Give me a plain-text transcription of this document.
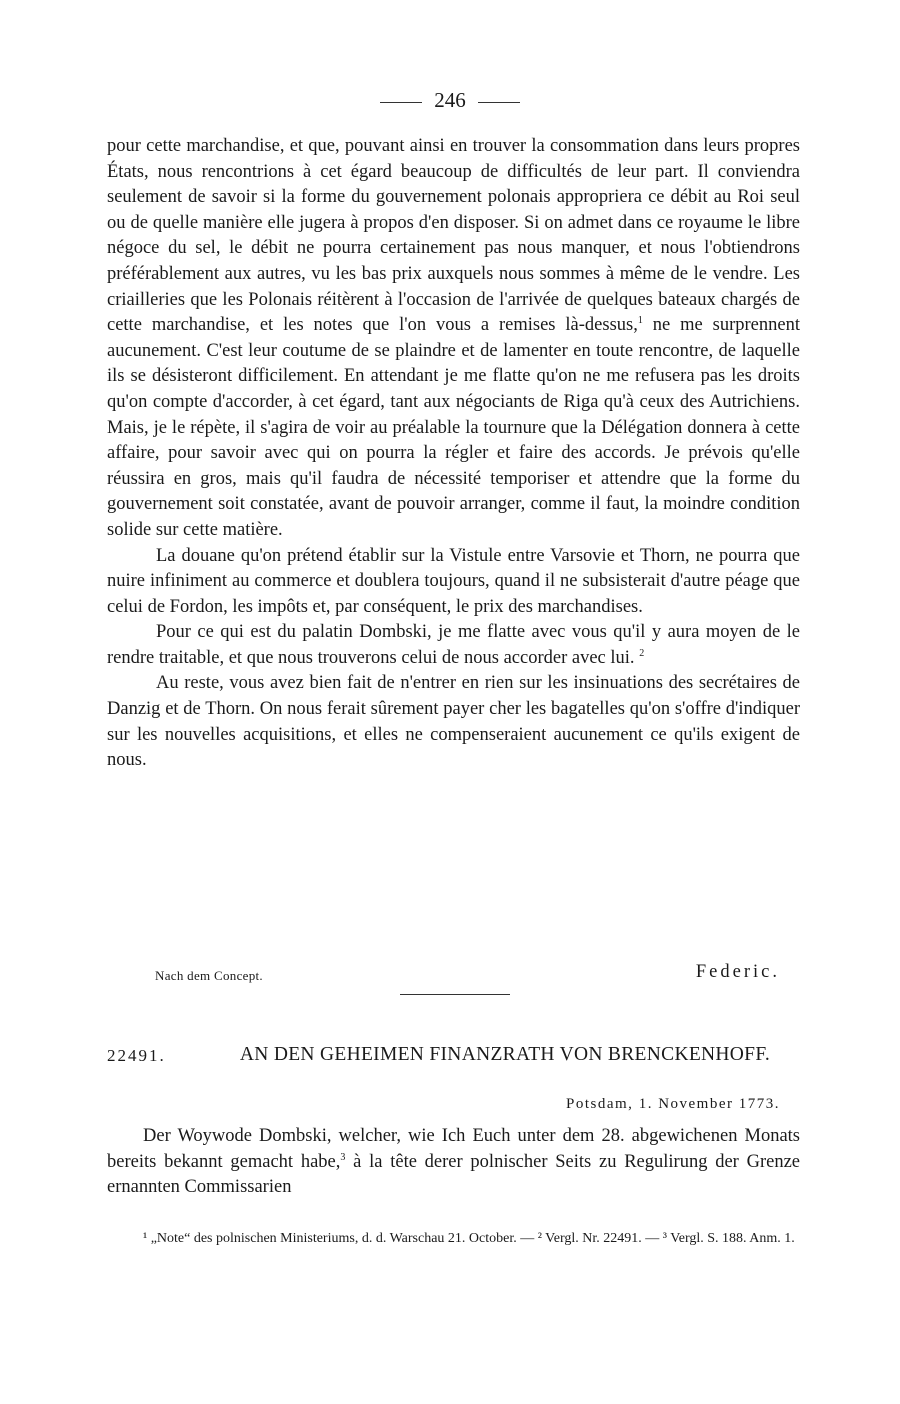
246

pour cette marchandise, et que, pouvant ainsi en trouver la consommation dans leurs propres États, nous rencontrions à cet égard beaucoup de difficultés de leur part. Il conviendra seulement de savoir si la forme du gouvernement polonais appropriera ce débit au Roi seul ou de quelle manière elle jugera à propos d'en disposer. Si on admet dans ce royaume le libre négoce du sel, le débit ne pourra certainement pas nous manquer, et nous l'obtiendrons préférablement aux autres, vu les bas prix auxquels nous sommes à même de le vendre. Les criailleries que les Polonais réitèrent à l'occasion de l'arrivée de quelques bateaux chargés de cette marchandise, et les notes que l'on vous a remises là-dessus,$^1$ ne me surprennent aucunement. C'est leur coutume de se plaindre et de lamenter en toute rencontre, de laquelle ils se désisteront difficilement. En attendant je me flatte qu'on ne me refusera pas les droits qu'on compte d'accorder, à cet égard, tant aux négociants de Riga qu'à ceux des Autrichiens. Mais, je le répète, il s'agira de voir au préalable la tournure que la Délégation donnera à cette affaire, pour savoir avec qui on pourra la régler et faire des accords. Je prévois qu'elle réussira en gros, mais qu'il faudra de nécessité temporiser et attendre que la forme du gouvernement soit constatée, avant de pouvoir arranger, comme il faut, la moindre condition solide sur cette matière.

La douane qu'on prétend établir sur la Vistule entre Varsovie et Thorn, ne pourra que nuire infiniment au commerce et doublera toujours, quand il ne subsisterait d'autre péage que celui de Fordon, les impôts et, par conséquent, le prix des marchandises.

Pour ce qui est du palatin Dombski, je me flatte avec vous qu'il y aura moyen de le rendre traitable, et que nous trouverons celui de nous accorder avec lui. $^2$

Au reste, vous avez bien fait de n'entrer en rien sur les insinuations des secrétaires de Danzig et de Thorn. On nous ferait sûrement payer cher les bagatelles qu'on s'offre d'indiquer sur les nouvelles acquisitions, et elles ne compenseraient aucunement ce qu'ils exigent de nous.

Nach dem Concept.	Federic.
22491.	AN DEN GEHEIMEN FINANZRATH VON BRENCKENHOFF.
Potsdam, 1. November 1773.

Der Woywode Dombski, welcher, wie Ich Euch unter dem 28. abgewichenen Monats bereits bekannt gemacht habe,$^3$ à la tête derer polnischer Seits zu Regulirung der Grenze ernannten Commissarien

¹ „Note“ des polnischen Ministeriums, d. d. Warschau 21. October. — ² Vergl. Nr. 22491. — ³ Vergl. S. 188. Anm. 1.
